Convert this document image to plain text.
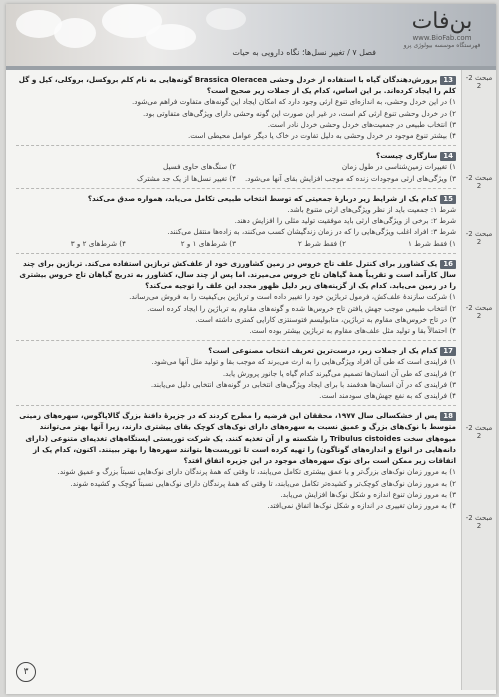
بن‌فات
www.BioFab.com
فهرستگاه موسسه بیولوژی پرو
فصل ۷ / تغییر نسل‌ها؛ نگاه دارویی به حیات
مبحث 2-2
مبحث 2-2
مبحث 2-2
مبحث 2-2
مبحث 2-2
مبحث 2-2
13پرورش‌دهندگان گیاه با استفاده از خردل وحشی Brassica Oleracea گونه‌هایی به نام کلم بروکسل، بروکلی، کیل و گل کلم را ایجاد کرده‌اند. بر این اساس، کدام یک از جملات زیر صحیح است؟
۱) در این خردل وحشی، به اندازه‌ای تنوع ارثی وجود دارد که امکان ایجاد این گونه‌های متفاوت فراهم می‌شود.
۲) در خردل وحشی تنوع ارثی کم است، در غیر این صورت این گونه وحشی دارای ویژگی‌های متفاوتی بود.
۳) انتخاب طبیعی در جمعیت‌های خردل وحشی خردل نادر است.
۴) بیشتر تنوع موجود در خردل وحشی به دلیل تفاوت در خاک یا دیگر عوامل محیطی است.
14سازگاری چیست؟
۱) تغییرات زمین‌شناسی در طول زمان
۲) سنگ‌های حاوی فسیل
۳) ویژگی‌های ارثی موجودات زنده که موجب افزایش بقای آنها می‌شود.
۴) تغییر نسل‌ها از یک جد مشترک
15کدام یک از شرایط زیر دربارهٔ جمعیتی که توسط انتخاب طبیعی تکامل می‌یابد، همواره صدق می‌کند؟
شرط ۱: جمعیت باید از نظر ویژگی‌های ارثی متنوع باشد.
شرط ۲: برخی از ویژگی‌های ارثی باید موفقیت تولید مثلی را افزایش دهند.
شرط ۳: افراد اغلب ویژگی‌هایی را که در زمان زندگیشان کسب می‌کنند، به زاده‌ها منتقل می‌کنند.
۱) فقط شرط ۱
۲) فقط شرط ۲
۳) شرط‌های ۱ و ۲
۴) شرط‌های ۲ و ۳
16یک کشاورز برای کنترل علف تاج خروس در زمین کشاورزی خود از علف‌کش ترباژین استفاده می‌کند. ترباژین برای چند سال کارآمد است و تقریباً همهٔ گیاهان تاج خروس می‌میرند. اما پس از چند سال، کشاورز به تدریج گیاهان تاج خروس بیشتری را در زمین می‌یابد. کدام یک از گزینه‌های زیر دلیل ظهور مجدد این علف را توجیه می‌کند؟
۱) شرکت سازندهٔ علف‌کش، فرمول ترباژین خود را تغییر داده است و ترباژین بی‌کیفیت را به فروش می‌رساند.
۲) انتخاب طبیعی موجب جهش یافتن تاج خروس‌ها شده و گونه‌های مقاوم به ترباژین را ایجاد کرده است.
۳) در تاج خروس‌های مقاوم به ترباژین، متابولیسم فتوسنتزی کارایی کمتری داشته است.
۴) احتمالاً بقا و تولید مثل علف‌های مقاوم به ترباژین بیشتر بوده است.
17کدام یک از جملات زیر، درست‌ترین تعریف انتخاب مصنوعی است؟
۱) فرایندی است که طی آن افراد ویژگی‌هایی را به ارث می‌برند که موجب بقا و تولید مثل آنها می‌شود.
۲) فرایندی که طی آن انسان‌ها تصمیم می‌گیرند کدام گیاه یا جانور پرورش یابد.
۳) فرایندی که در آن انسان‌ها هدفمند با برای ایجاد ویژگی‌های انتخابی در گونه‌های انتخابی دلیل می‌یابند.
۴) فرایندی که به نفع جهش‌های سودمند است.
18پس از خشکسالی سال ۱۹۷۷، محققان این فرضیه را مطرح کردند که در جزیرهٔ دافنهٔ بزرگ گالاپاگوس، سهره‌های زمینی متوسط با نوک‌های بزرگ و عمیق نسبت به سهره‌های دارای نوک‌های کوچک بقای بیشتری دارند، زیرا آنها بهتر می‌توانند میوه‌های سخت Tribulus cistoides را شکسته و از آن تغذیه کنند. یک شرکت توریستی ایستگاه‌های تغذیه‌ای متنوعی (دارای دانه‌هایی در انواع و اندازه‌های گوناگون) را تهیه کرده است تا توریست‌ها بتوانند سهره‌ها را بهتر ببینند. اکنون، کدام یک از اتفاقات زیر ممکن است برای نوک سهره‌های موجود در این جزیره اتفاق افتد؟
۱) به مرور زمان نوک‌های بزرگ‌تر و با عمق بیشتری تکامل می‌یابند، تا وقتی که همهٔ پرندگان دارای نوک‌هایی نسبتاً بزرگ و عمیق شوند.
۲) به مرور زمان نوک‌های کوچک‌تر و کشیده‌تر تکامل می‌یابند، تا وقتی که همهٔ پرندگان دارای نوک‌هایی نسبتاً کوچک و کشیده شوند.
۳) به مرور زمان تنوع اندازه و شکل نوک‌ها افزایش می‌یابد.
۴) به مرور زمان تغییری در اندازه و شکل نوک‌ها اتفاق نمی‌افتد.
۳
